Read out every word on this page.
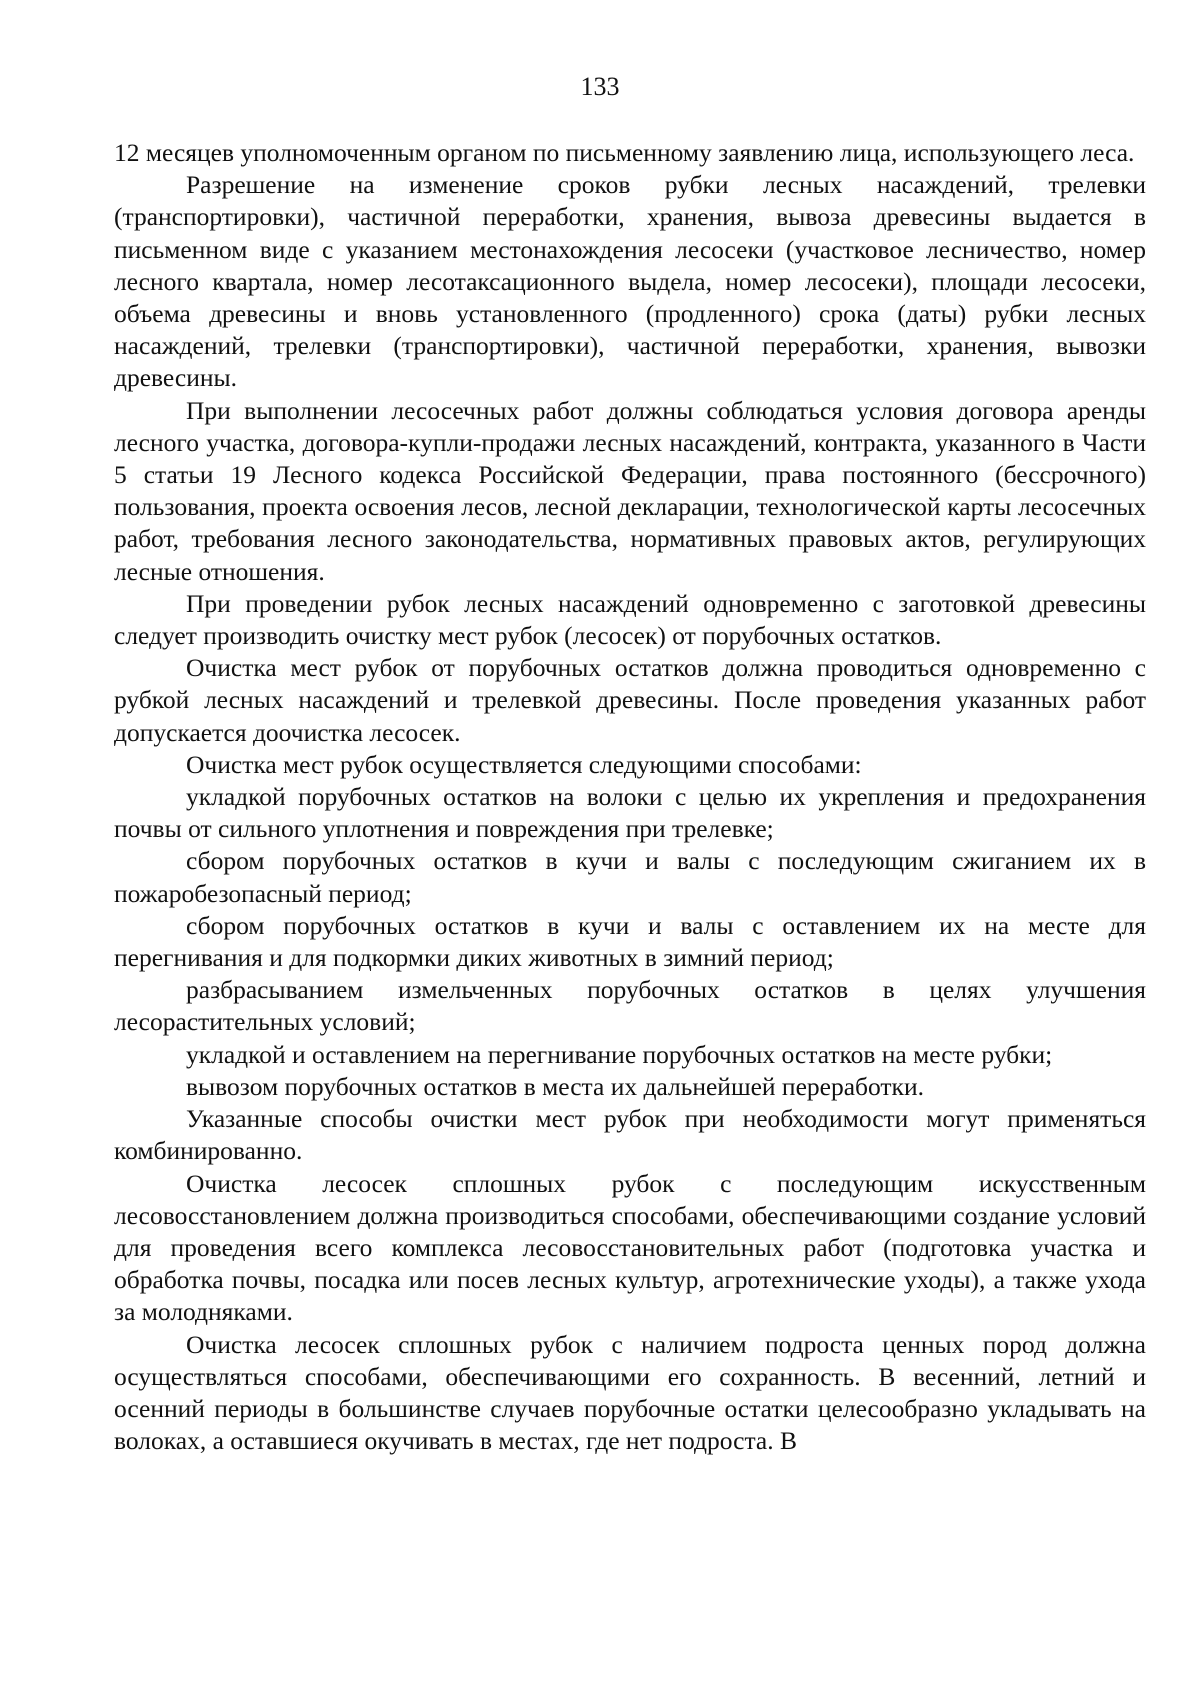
133

12 месяцев уполномоченным органом по письменному заявлению лица, использующего леса.

Разрешение на изменение сроков рубки лесных насаждений, трелевки (транспортировки), частичной переработки, хранения, вывоза древесины выдается в письменном виде с указанием местонахождения лесосеки (участковое лесничество, номер лесного квартала, номер лесотаксационного выдела, номер лесосеки), площади лесосеки, объема древесины и вновь установленного (продленного) срока (даты) рубки лесных насаждений, трелевки (транспортировки), частичной переработки, хранения, вывозки древесины.

При выполнении лесосечных работ должны соблюдаться условия договора аренды лесного участка, договора-купли-продажи лесных насаждений, контракта, указанного в Части 5 статьи 19 Лесного кодекса Российской Федерации, права постоянного (бессрочного) пользования, проекта освоения лесов, лесной декларации, технологической карты лесосечных работ, требования лесного законодательства, нормативных правовых актов, регулирующих лесные отношения.

При проведении рубок лесных насаждений одновременно с заготовкой древесины следует производить очистку мест рубок (лесосек) от порубочных остатков.

Очистка мест рубок от порубочных остатков должна проводиться одновременно с рубкой лесных насаждений и трелевкой древесины. После проведения указанных работ допускается доочистка лесосек.

Очистка мест рубок осуществляется следующими способами:

укладкой порубочных остатков на волоки с целью их укрепления и предохранения почвы от сильного уплотнения и повреждения при трелевке;

сбором порубочных остатков в кучи и валы с последующим сжиганием их в пожаробезопасный период;

сбором порубочных остатков в кучи и валы с оставлением их на месте для перегнивания и для подкормки диких животных в зимний период;

разбрасыванием измельченных порубочных остатков в целях улучшения лесорастительных условий;

укладкой и оставлением на перегнивание порубочных остатков на месте рубки;

вывозом порубочных остатков в места их дальнейшей переработки.

Указанные способы очистки мест рубок при необходимости могут применяться комбинированно.

Очистка лесосек сплошных рубок с последующим искусственным лесовосстановлением должна производиться способами, обеспечивающими создание условий для проведения всего комплекса лесовосстановительных работ (подготовка участка и обработка почвы, посадка или посев лесных культур, агротехнические уходы), а также ухода за молодняками.

Очистка лесосек сплошных рубок с наличием подроста ценных пород должна осуществляться способами, обеспечивающими его сохранность. В весенний, летний и осенний периоды в большинстве случаев порубочные остатки целесообразно укладывать на волоках, а оставшиеся окучивать в местах, где нет подроста. В
